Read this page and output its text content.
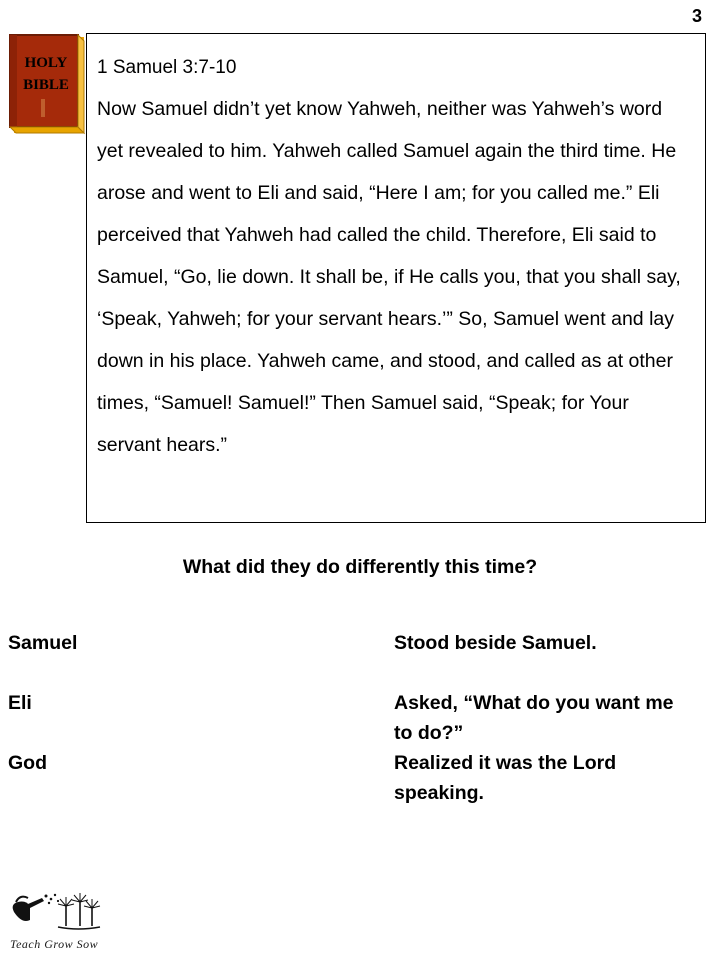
3
HOLY
BIBLE
1 Samuel 3:7-10
Now Samuel didn’t yet know Yahweh, neither was Yahweh’s word yet revealed to him. Yahweh called Samuel again the third time. He arose and went to Eli and said, “Here I am; for you called me.” Eli perceived that Yahweh had called the child. Therefore, Eli said to Samuel, “Go, lie down. It shall be, if He calls you, that you shall say, ‘Speak, Yahweh; for your servant hears.’” So, Samuel went and lay down in his place. Yahweh came, and stood, and called as at other times, “Samuel! Samuel!” Then Samuel said, “Speak; for Your servant hears.”
What did they do differently this time?
Samuel	Stood beside Samuel.
Eli	Asked, “What do you want me to do?”
God	Realized it was the Lord speaking.
Teach Grow Sow
